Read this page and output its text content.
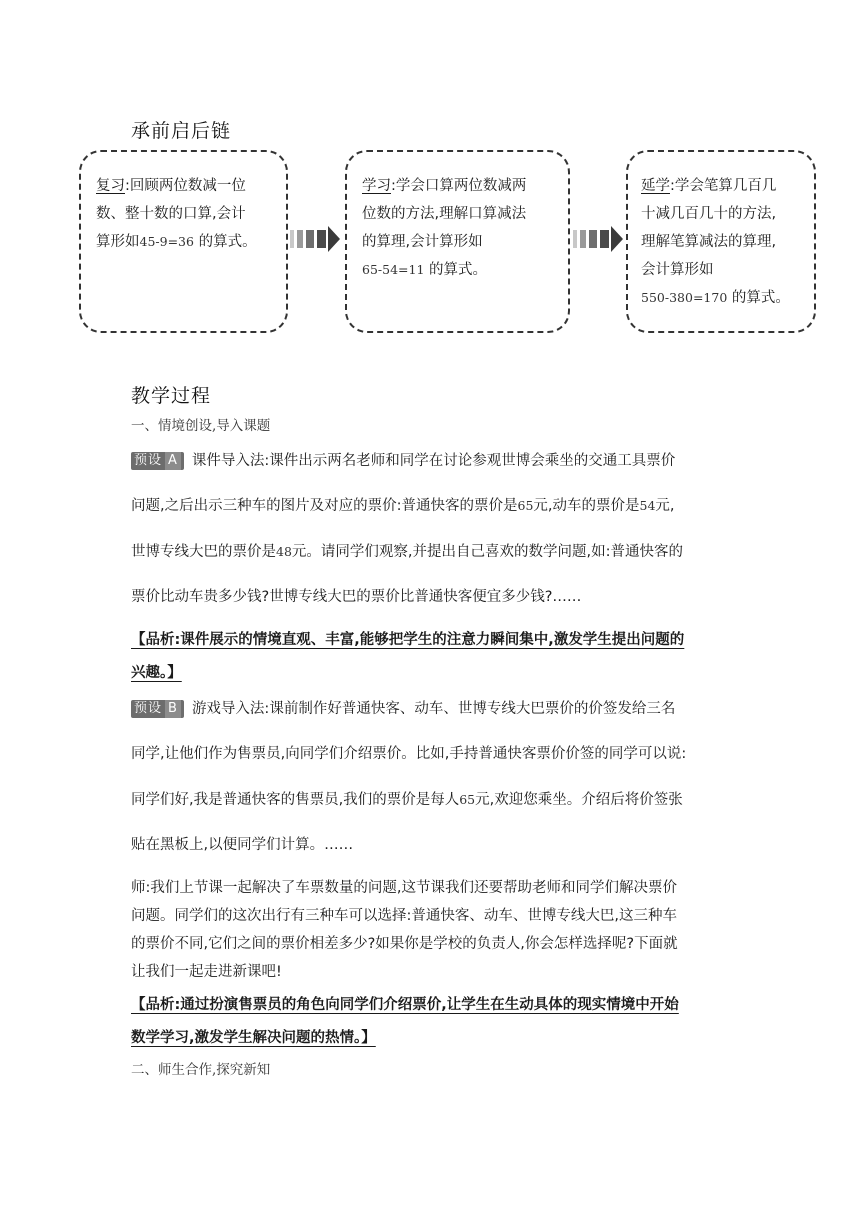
承前启后链
复习:回顾两位数减一位
数、整十数的口算,会计
算形如45-9=36 的算式。
学习:学会口算两位数减两
位数的方法,理解口算减法
的算理,会计算形如
65-54=11 的算式。
延学:学会笔算几百几
十减几百几十的方法,
理解笔算减法的算理,
会计算形如
550-380=170 的算式。
教学过程
一、情境创设,导入课题
预设 A 课件导入法:课件出示两名老师和同学在讨论参观世博会乘坐的交通工具票价
问题,之后出示三种车的图片及对应的票价:普通快客的票价是65元,动车的票价是54元,
世博专线大巴的票价是48元。请同学们观察,并提出自己喜欢的数学问题,如:普通快客的
票价比动车贵多少钱?世博专线大巴的票价比普通快客便宜多少钱?……
【品析:课件展示的情境直观、丰富,能够把学生的注意力瞬间集中,激发学生提出问题的
兴趣。】
预设 B 游戏导入法:课前制作好普通快客、动车、世博专线大巴票价的价签发给三名
同学,让他们作为售票员,向同学们介绍票价。比如,手持普通快客票价价签的同学可以说:
同学们好,我是普通快客的售票员,我们的票价是每人65元,欢迎您乘坐。介绍后将价签张
贴在黑板上,以便同学们计算。……
师:我们上节课一起解决了车票数量的问题,这节课我们还要帮助老师和同学们解决票价
问题。同学们的这次出行有三种车可以选择:普通快客、动车、世博专线大巴,这三种车
的票价不同,它们之间的票价相差多少?如果你是学校的负责人,你会怎样选择呢?下面就
让我们一起走进新课吧!
【品析:通过扮演售票员的角色向同学们介绍票价,让学生在生动具体的现实情境中开始
数学学习,激发学生解决问题的热情。】
二、师生合作,探究新知
